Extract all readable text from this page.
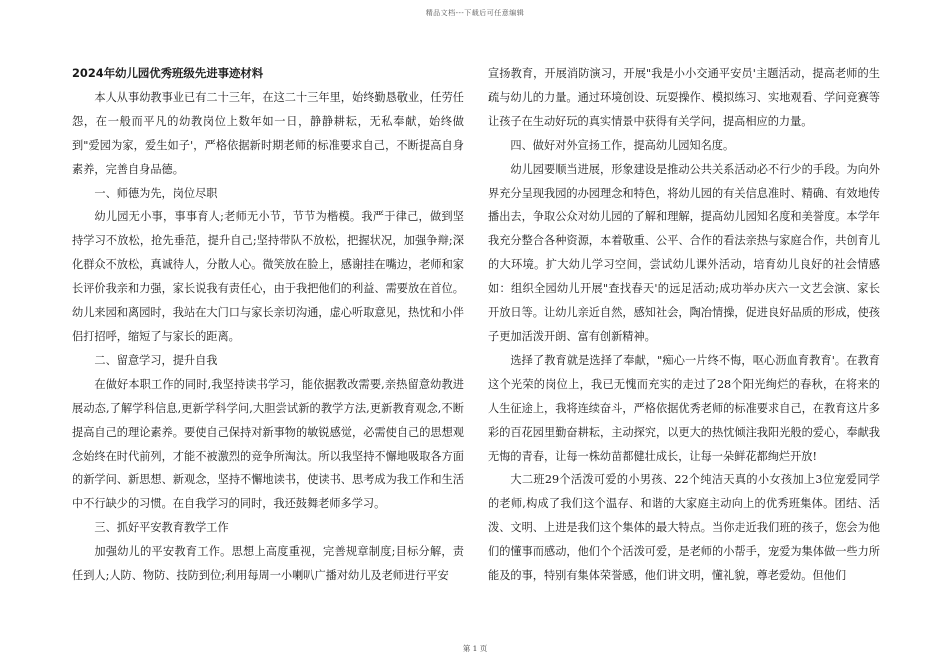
精品文档---下载后可任意编辑

2024年幼儿园优秀班级先进事迹材料

本人从事幼教事业已有二十三年，在这二十三年里，始终勤恳敬业，任劳任怨，在一般而平凡的幼教岗位上数年如一日，静静耕耘，无私奉献，始终做到"爱园为家，爱生如子'，严格依据新时期老师的标准要求自己，不断提高自身素养，完善自身品德。

一、师德为先，岗位尽职

幼儿园无小事，事事育人;老师无小节，节节为楷模。我严于律己，做到坚持学习不放松，抢先垂范，提升自己;坚持带队不放松，把握状况，加强争辩;深化群众不放松，真诚待人，分散人心。微笑放在脸上，感谢挂在嘴边，老师和家长评价我亲和力强，家长说我有责任心，由于我把他们的利益、需要放在首位。幼儿来园和离园时，我站在大门口与家长亲切沟通，虚心听取意见，热忱和小伴侣打招呼，缩短了与家长的距离。

二、留意学习，提升自我

在做好本职工作的同时,我坚持读书学习，能依据教改需要,亲热留意幼教进展动态,了解学科信息,更新学科学问,大胆尝试新的教学方法,更新教育观念,不断提高自己的理论素养。要使自己保持对新事物的敏锐感觉，必需使自己的思想观念始终在时代前列，才能不被激烈的竞争所淘汰。所以我坚持不懈地吸取各方面的新学问、新思想、新观念，坚持不懈地读书，使读书、思考成为我工作和生活中不行缺少的习惯。在自我学习的同时，我还鼓舞老师多学习。

三、抓好平安教育教学工作

加强幼儿的平安教育工作。思想上高度重视，完善规章制度;目标分解，责任到人;人防、物防、技防到位;利用每周一小喇叭广播对幼儿及老师进行平安

宣扬教育，开展消防演习，开展"我是小小交通平安员'主题活动，提高老师的生疏与幼儿的力量。通过环境创设、玩耍操作、模拟练习、实地观看、学问竞赛等让孩子在生动好玩的真实情景中获得有关学问，提高相应的力量。

四、做好对外宣扬工作，提高幼儿园知名度。

幼儿园要顺当进展，形象建设是推动公共关系活动必不行少的手段。为向外界充分呈现我园的办园理念和特色，将幼儿园的有关信息准时、精确、有效地传播出去，争取公众对幼儿园的了解和理解，提高幼儿园知名度和美誉度。本学年我充分整合各种资源，本着敬重、公平、合作的看法亲热与家庭合作，共创育儿的大环境。扩大幼儿学习空间，尝试幼儿课外活动，培育幼儿良好的社会情感如：组织全园幼儿开展"查找春天'的远足活动;成功举办庆六一文艺会演、家长开放日等。让幼儿亲近自然，感知社会，陶冶情操，促进良好品质的形成，使孩子更加活泼开朗、富有创新精神。

选择了教育就是选择了奉献，"痴心一片终不悔，呕心沥血育教育'。在教育这个光荣的岗位上，我已无愧而充实的走过了28个阳光绚烂的春秋，在将来的人生征途上，我将连续奋斗，严格依据优秀老师的标准要求自己，在教育这片多彩的百花园里勤奋耕耘，主动探究，以更大的热忱倾注我阳光般的爱心，奉献我无悔的青春，让每一株幼苗都健壮成长，让每一朵鲜花都绚烂开放!

大二班29个活泼可爱的小男孩、22个纯洁天真的小女孩加上3位宠爱同学的老师,构成了我们这个温存、和谐的大家庭主动向上的优秀班集体。团结、活泼、文明、上进是我们这个集体的最大特点。当你走近我们班的孩子，您会为他们的懂事而感动，他们个个活泼可爱，是老师的小帮手，宠爱为集体做一些力所能及的事，特别有集体荣誉感，他们讲文明，懂礼貌，尊老爱幼。但他们

第 1 页
